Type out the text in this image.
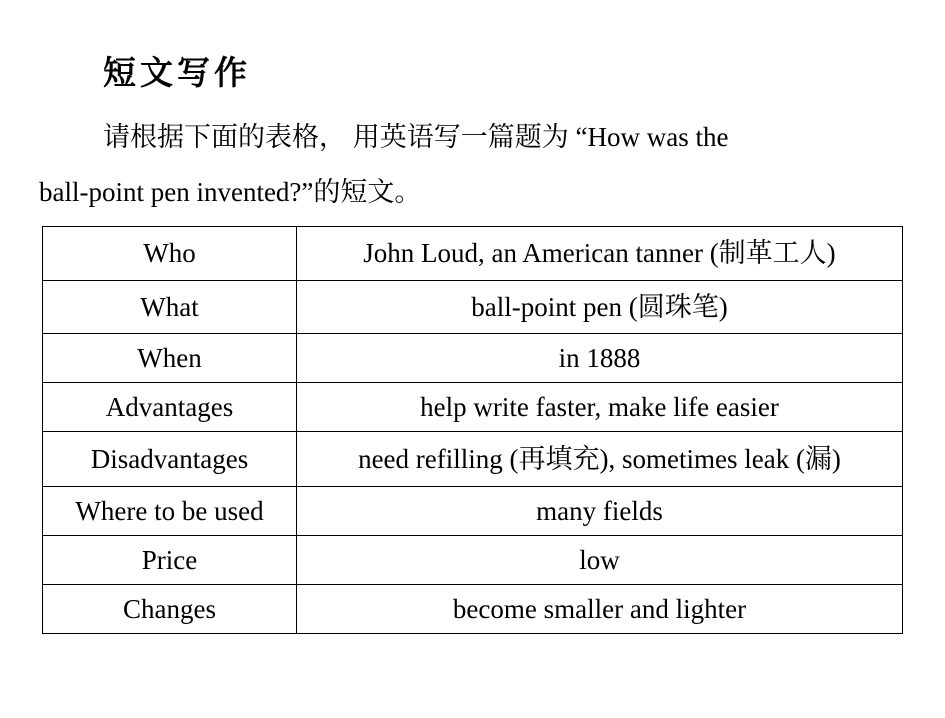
短文写作
请根据下面的表格， 用英语写一篇题为 “How was the
ball-point pen invented?”的短文。
Who	John Loud, an American tanner (制革工人)
What	ball-point pen (圆珠笔)
When	in 1888
Advantages	help write faster, make life easier
Disadvantages	need refilling (再填充), sometimes leak (漏)
Where to be used	many fields
Price	low
Changes	become smaller and lighter
